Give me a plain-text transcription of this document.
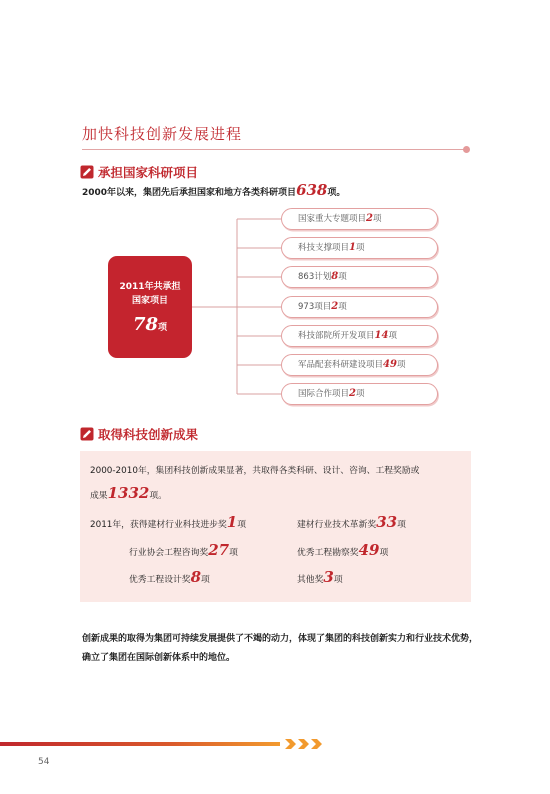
加快科技创新发展进程
承担国家科研项目
2000年以来，集团先后承担国家和地方各类科研项目638项。
2011年共承担
国家项目
78项
国家重大专题项目2项
科技支撑项目1项
863计划8项
973项目2项
科技部院所开发项目14项
军品配套科研建设项目49项
国际合作项目2项
取得科技创新成果
2000-2010年，集团科技创新成果显著，共取得各类科研、设计、咨询、工程奖励或
成果1332项。
2011年，获得建材行业科技进步奖1项	建材行业技术革新奖33项
行业协会工程咨询奖27项	优秀工程勘察奖49项
优秀工程设计奖8项	其他奖3项
创新成果的取得为集团可持续发展提供了不竭的动力，体现了集团的科技创新实力和行业技术优势，确立了集团在国际创新体系中的地位。
54
